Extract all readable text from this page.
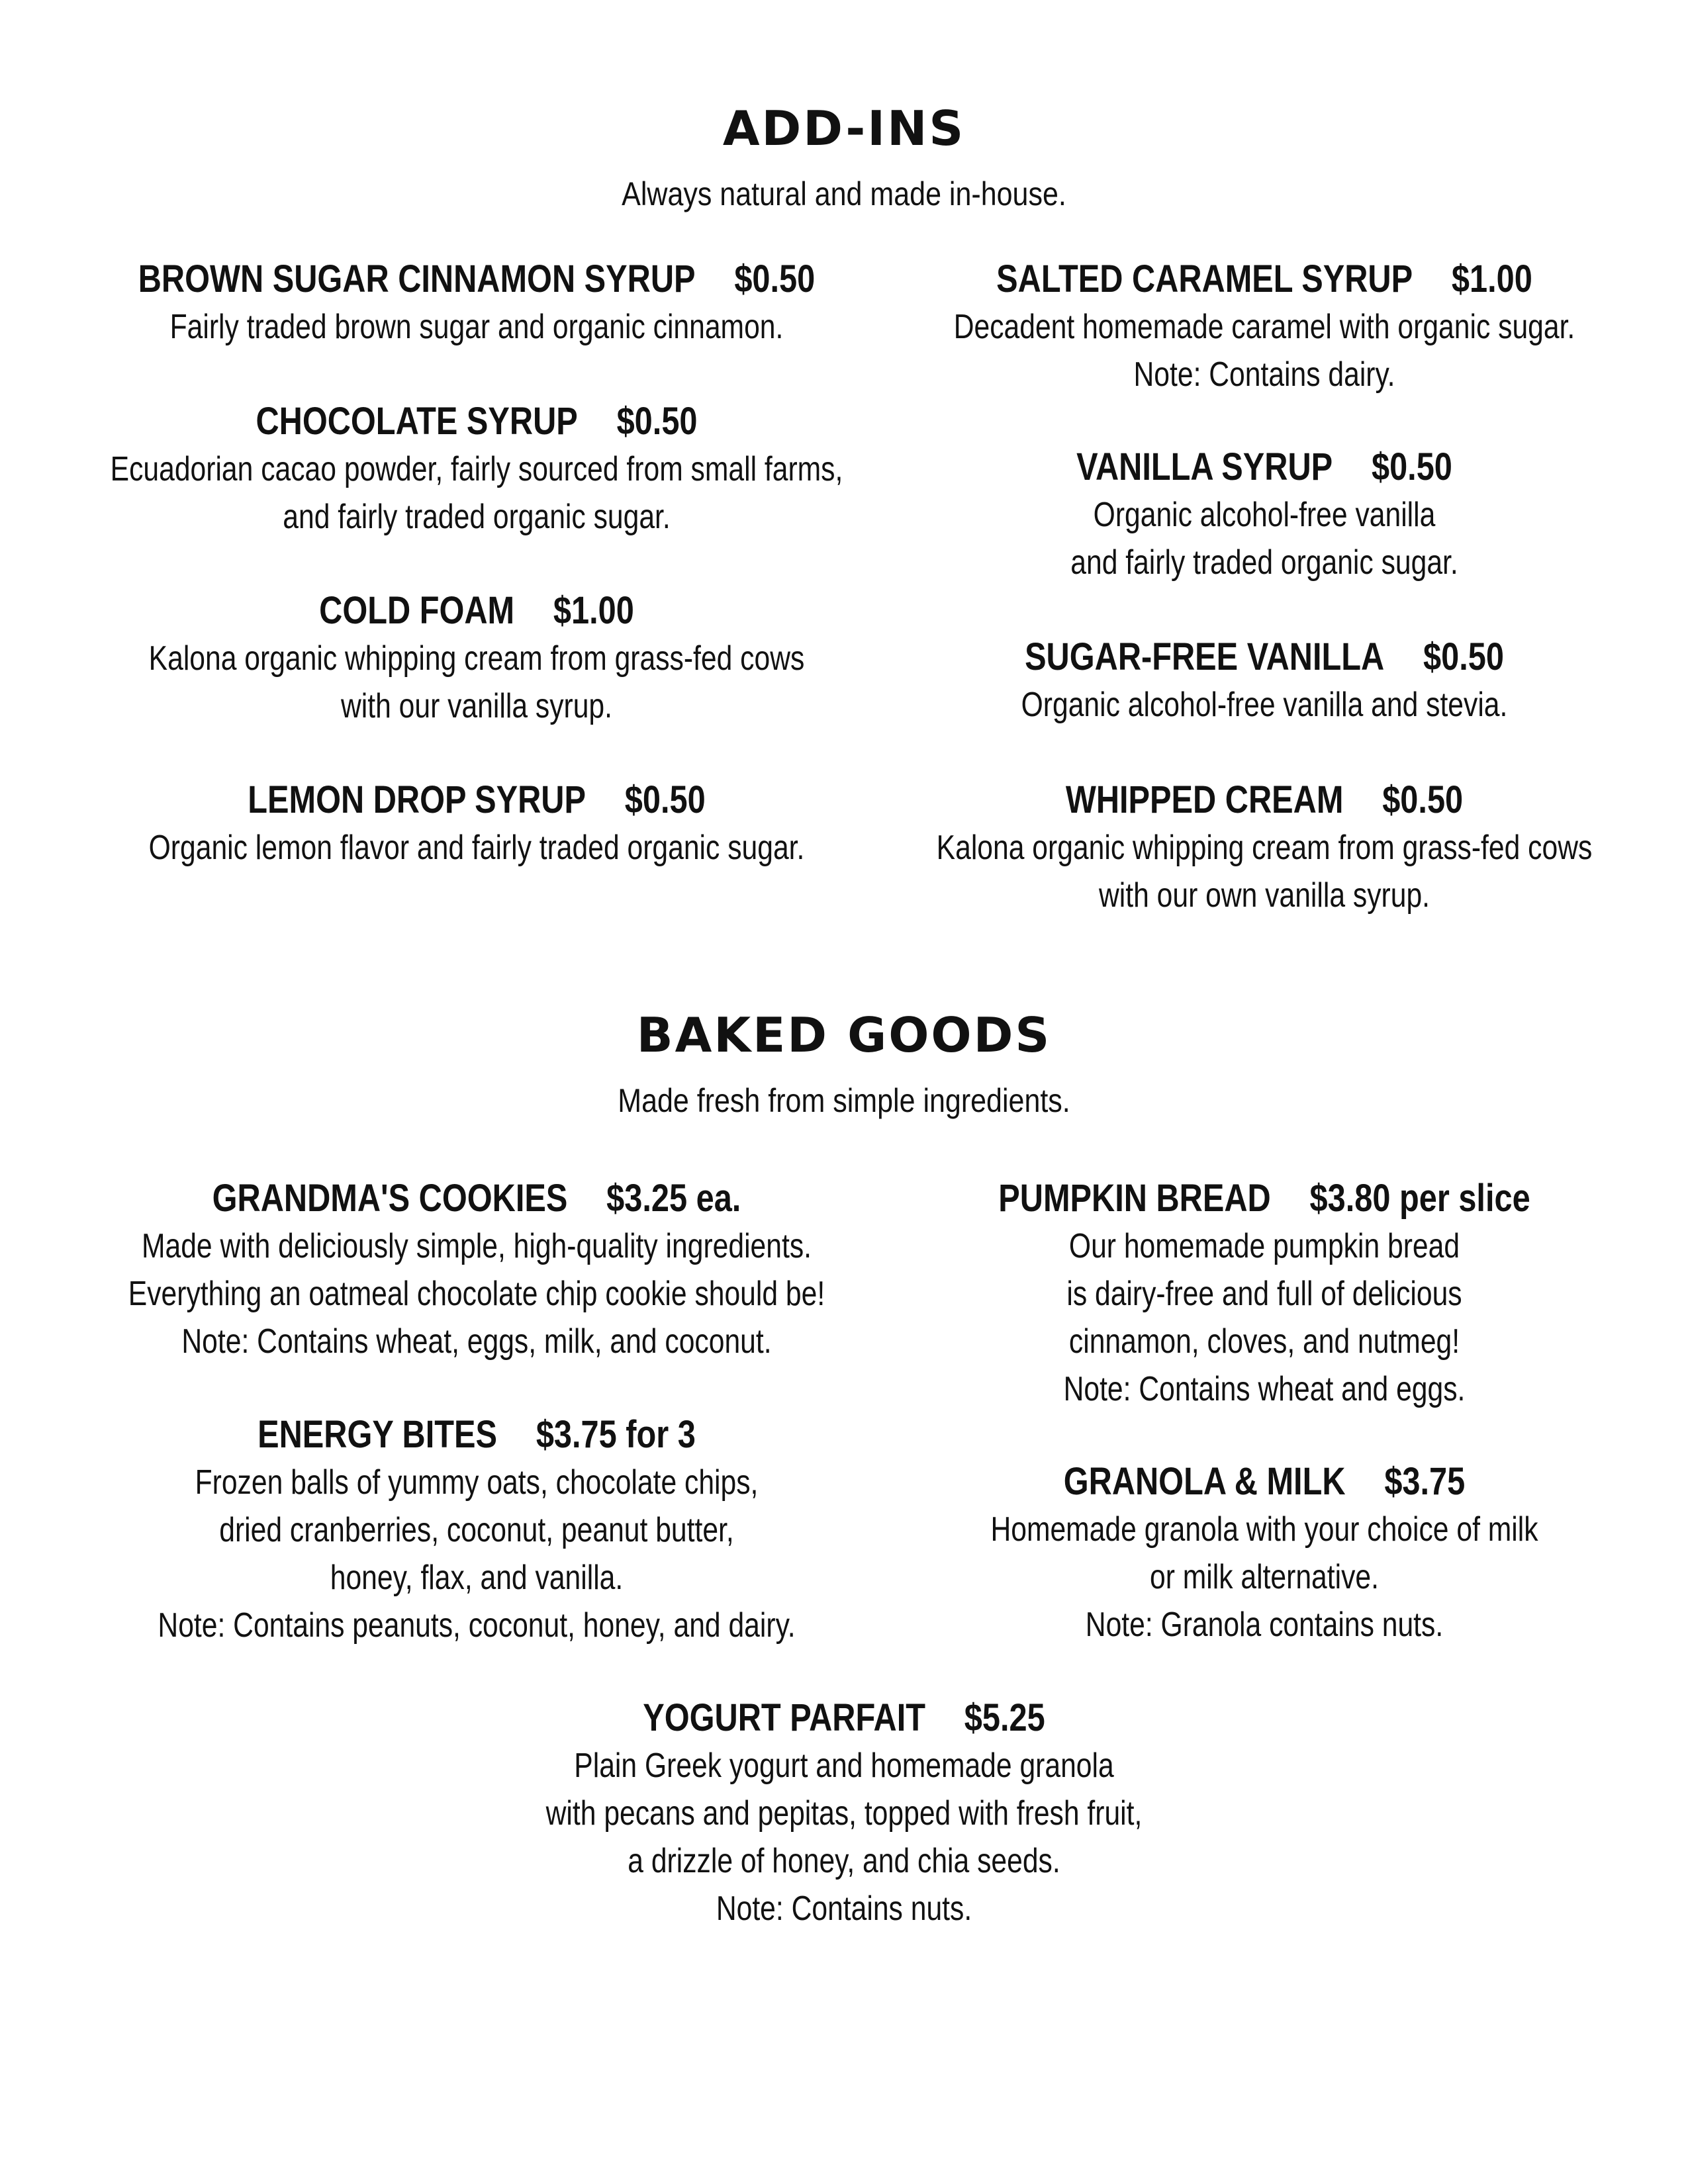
ADD-INS
Always natural and made in-house.
BROWN SUGAR CINNAMON SYRUP $0.50
Fairly traded brown sugar and organic cinnamon.
SALTED CARAMEL SYRUP $1.00
Decadent homemade caramel with organic sugar.
Note: Contains dairy.
CHOCOLATE SYRUP $0.50
Ecuadorian cacao powder, fairly sourced from small farms,
and fairly traded organic sugar.
VANILLA SYRUP $0.50
Organic alcohol-free vanilla
and fairly traded organic sugar.
COLD FOAM $1.00
Kalona organic whipping cream from grass-fed cows
with our vanilla syrup.
SUGAR-FREE VANILLA $0.50
Organic alcohol-free vanilla and stevia.
LEMON DROP SYRUP $0.50
Organic lemon flavor and fairly traded organic sugar.
WHIPPED CREAM $0.50
Kalona organic whipping cream from grass-fed cows
with our own vanilla syrup.
BAKED GOODS
Made fresh from simple ingredients.
GRANDMA'S COOKIES $3.25 ea.
Made with deliciously simple, high-quality ingredients.
Everything an oatmeal chocolate chip cookie should be!
Note: Contains wheat, eggs, milk, and coconut.
PUMPKIN BREAD $3.80 per slice
Our homemade pumpkin bread
is dairy-free and full of delicious
cinnamon, cloves, and nutmeg!
Note: Contains wheat and eggs.
ENERGY BITES $3.75 for 3
Frozen balls of yummy oats, chocolate chips,
dried cranberries, coconut, peanut butter,
honey, flax, and vanilla.
Note: Contains peanuts, coconut, honey, and dairy.
GRANOLA & MILK $3.75
Homemade granola with your choice of milk
or milk alternative.
Note: Granola contains nuts.
YOGURT PARFAIT $5.25
Plain Greek yogurt and homemade granola
with pecans and pepitas, topped with fresh fruit,
a drizzle of honey, and chia seeds.
Note: Contains nuts.
